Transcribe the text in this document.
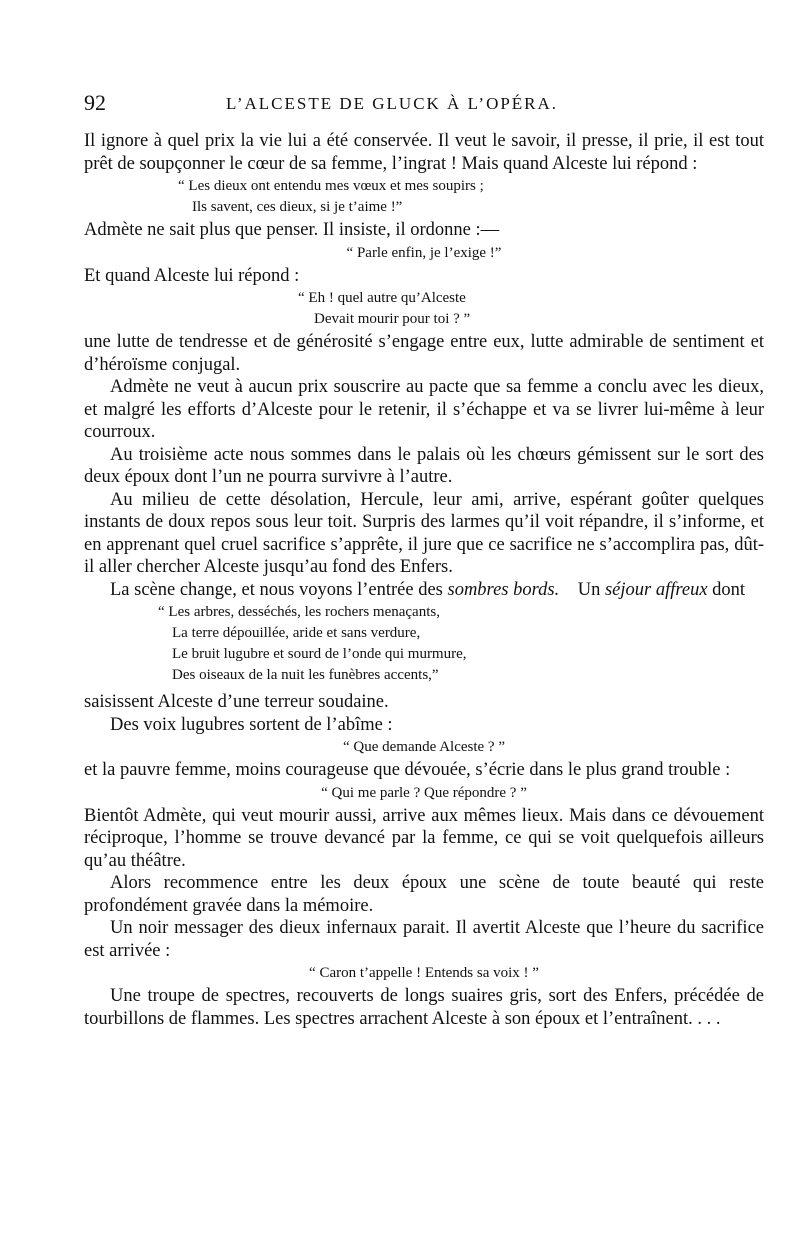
92	L’ALCESTE DE GLUCK À L’OPÉRA.

Il ignore à quel prix la vie lui a été conservée. Il veut le savoir, il presse, il prie, il est tout prêt de soupçonner le cœur de sa femme, l’ingrat ! Mais quand Alceste lui répond :

“ Les dieux ont entendu mes vœux et mes soupirs ;
Ils savent, ces dieux, si je t’aime !”

Admète ne sait plus que penser. Il insiste, il ordonne :—

“ Parle enfin, je l’exige !”

Et quand Alceste lui répond :

“ Eh ! quel autre qu’Alceste
Devait mourir pour toi ? ”

une lutte de tendresse et de générosité s’engage entre eux, lutte admirable de sentiment et d’héroïsme conjugal.

Admète ne veut à aucun prix souscrire au pacte que sa femme a conclu avec les dieux, et malgré les efforts d’Alceste pour le retenir, il s’échappe et va se livrer lui-même à leur courroux.

Au troisième acte nous sommes dans le palais où les chœurs gémissent sur le sort des deux époux dont l’un ne pourra survivre à l’autre.

Au milieu de cette désolation, Hercule, leur ami, arrive, espérant goûter quelques instants de doux repos sous leur toit. Surpris des larmes qu’il voit répandre, il s’informe, et en apprenant quel cruel sacrifice s’apprête, il jure que ce sacrifice ne s’accomplira pas, dût-il aller chercher Alceste jusqu’au fond des Enfers.

La scène change, et nous voyons l’entrée des sombres bords. Un séjour affreux dont

“ Les arbres, desséchés, les rochers menaçants,
La terre dépouillée, aride et sans verdure,
Le bruit lugubre et sourd de l’onde qui murmure,
Des oiseaux de la nuit les funèbres accents,”

saisissent Alceste d’une terreur soudaine.

Des voix lugubres sortent de l’abîme :

“ Que demande Alceste ? ”

et la pauvre femme, moins courageuse que dévouée, s’écrie dans le plus grand trouble :

“ Qui me parle ? Que répondre ? ”

Bientôt Admète, qui veut mourir aussi, arrive aux mêmes lieux. Mais dans ce dévouement réciproque, l’homme se trouve devancé par la femme, ce qui se voit quelquefois ailleurs qu’au théâtre.

Alors recommence entre les deux époux une scène de toute beauté qui reste profondément gravée dans la mémoire.

Un noir messager des dieux infernaux parait. Il avertit Alceste que l’heure du sacrifice est arrivée :

“ Caron t’appelle ! Entends sa voix ! ”

Une troupe de spectres, recouverts de longs suaires gris, sort des Enfers, précédée de tourbillons de flammes. Les spectres arrachent Alceste à son époux et l’entraînent. . . .
